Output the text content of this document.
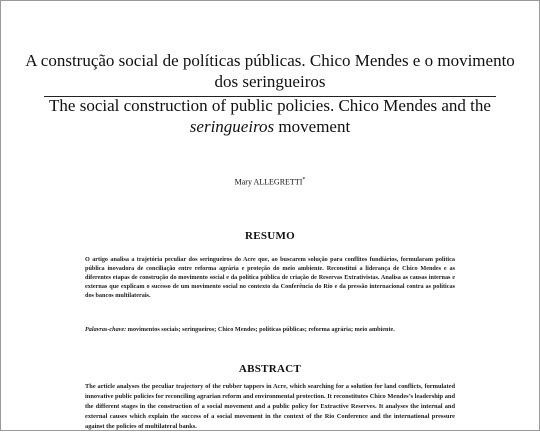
A construção social de políticas públicas. Chico Mendes e o movimento dos seringueiros
The social construction of public policies. Chico Mendes and the seringueiros movement
Mary ALLEGRETTI*
RESUMO
O artigo analisa a trajetória peculiar dos seringueiros do Acre que, ao buscarem solução para conflitos fundiários, formularam política pública inovadora de conciliação entre reforma agrária e proteção do meio ambiente. Reconstitui a liderança de Chico Mendes e as diferentes etapas de construção do movimento social e da política pública de criação de Reservas Extrativistas. Analisa as causas internas e externas que explicam o sucesso de um movimento social no contexto da Conferência do Rio e da pressão internacional contra as políticas dos bancos multilaterais.
Palavras-chave: movimentos sociais; seringueiros; Chico Mendes; políticas públicas; reforma agrária; meio ambiente.
ABSTRACT
The article analyses the peculiar trajectory of the rubber tappers in Acre, which searching for a solution for land conflicts, formulated innovative public policies for reconciling agrarian reform and environmental protection. It reconstitutes Chico Mendes’s leadership and the different stages in the construction of a social movement and a public policy for Extractive Reserves. It analyses the internal and external causes which explain the success of a social movement in the context of the Rio Conference and the international pressure against the policies of multilateral banks.
